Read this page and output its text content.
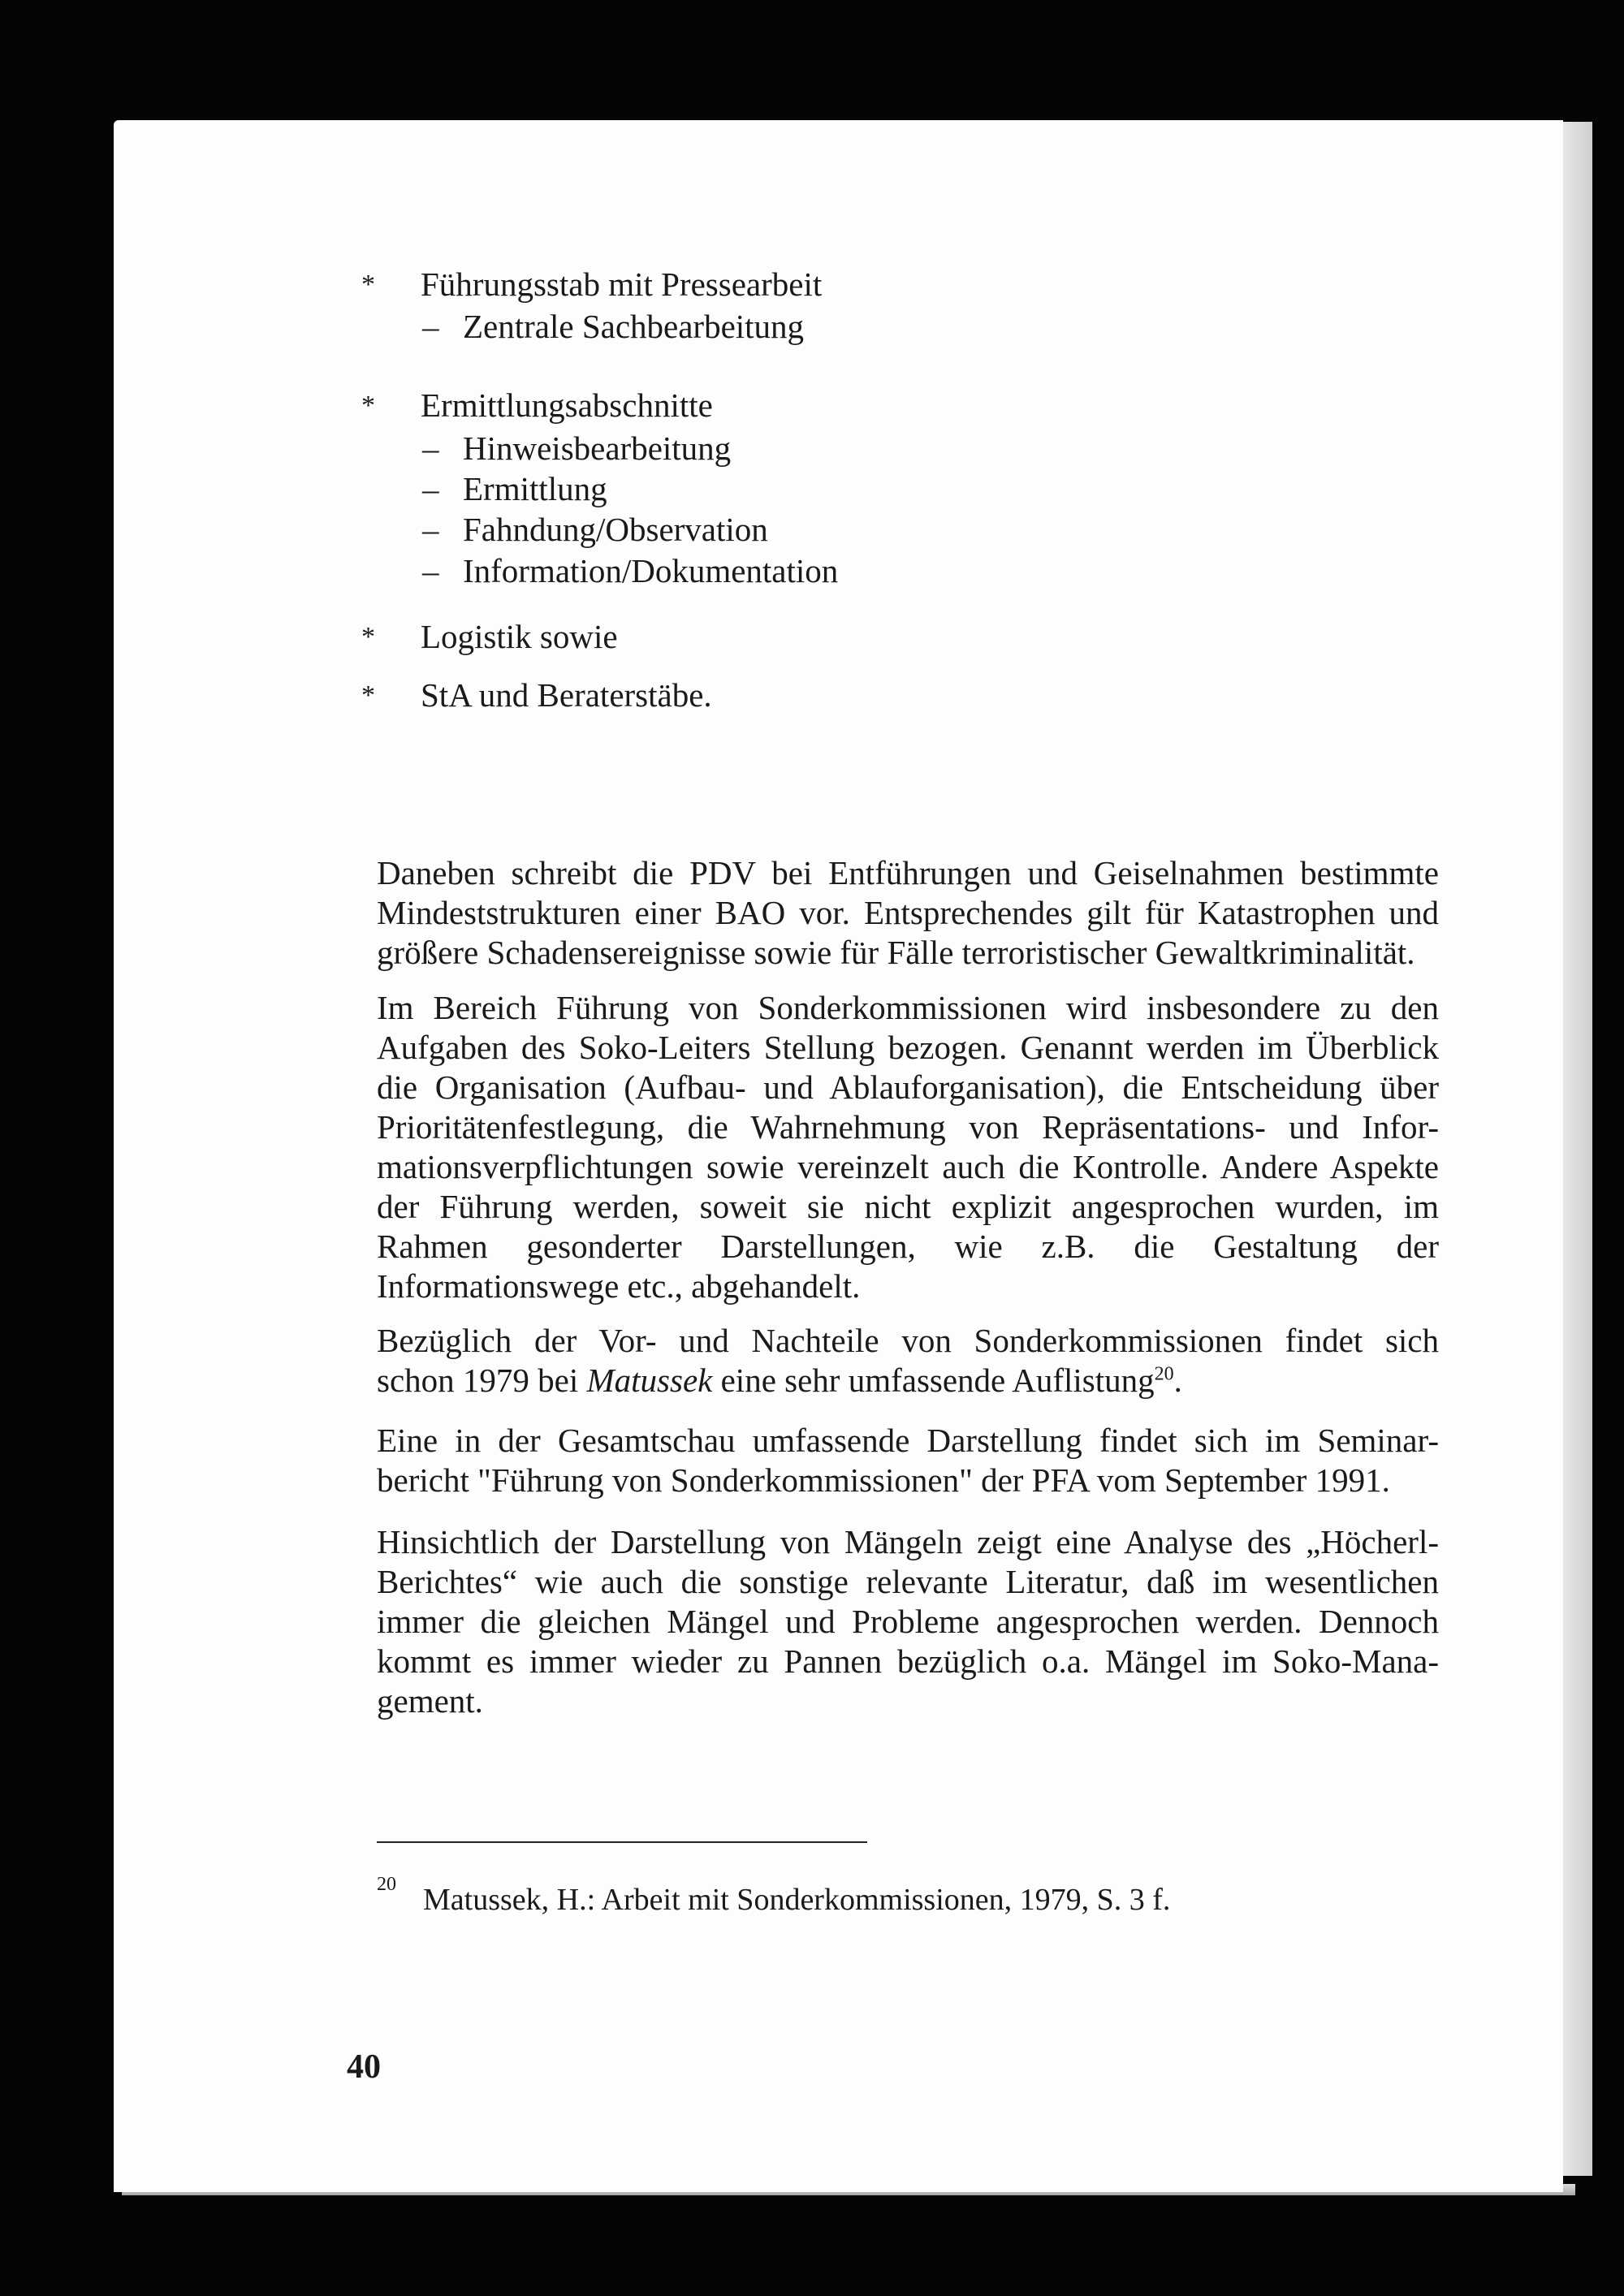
* Führungsstab mit Pressearbeit
– Zentrale Sachbearbeitung
* Ermittlungsabschnitte
– Hinweisbearbeitung
– Ermittlung
– Fahndung/Observation
– Information/Dokumentation
* Logistik sowie
* StA und Beraterstäbe.
Daneben schreibt die PDV bei Entführungen und Geiselnahmen bestimmte
Mindeststrukturen einer BAO vor. Entsprechendes gilt für Katastrophen und
größere Schadensereignisse sowie für Fälle terroristischer Gewaltkriminalität.
Im Bereich Führung von Sonderkommissionen wird insbesondere zu den
Aufgaben des Soko-Leiters Stellung bezogen. Genannt werden im Überblick
die Organisation (Aufbau- und Ablauforganisation), die Entscheidung über
Prioritätenfestlegung, die Wahrnehmung von Repräsentations- und Infor-
mationsverpflichtungen sowie vereinzelt auch die Kontrolle. Andere Aspekte
der Führung werden, soweit sie nicht explizit angesprochen wurden, im
Rahmen gesonderter Darstellungen, wie z.B. die Gestaltung der
Informationswege etc., abgehandelt.
Bezüglich der Vor- und Nachteile von Sonderkommissionen findet sich
schon 1979 bei Matussek eine sehr umfassende Auflistung$^{20}$.
Eine in der Gesamtschau umfassende Darstellung findet sich im Seminar-
bericht "Führung von Sonderkommissionen" der PFA vom September 1991.
Hinsichtlich der Darstellung von Mängeln zeigt eine Analyse des „Höcherl-
Berichtes“ wie auch die sonstige relevante Literatur, daß im wesentlichen
immer die gleichen Mängel und Probleme angesprochen werden. Dennoch
kommt es immer wieder zu Pannen bezüglich o.a. Mängel im Soko-Mana-
gement.
20 Matussek, H.: Arbeit mit Sonderkommissionen, 1979, S. 3 f.
40
